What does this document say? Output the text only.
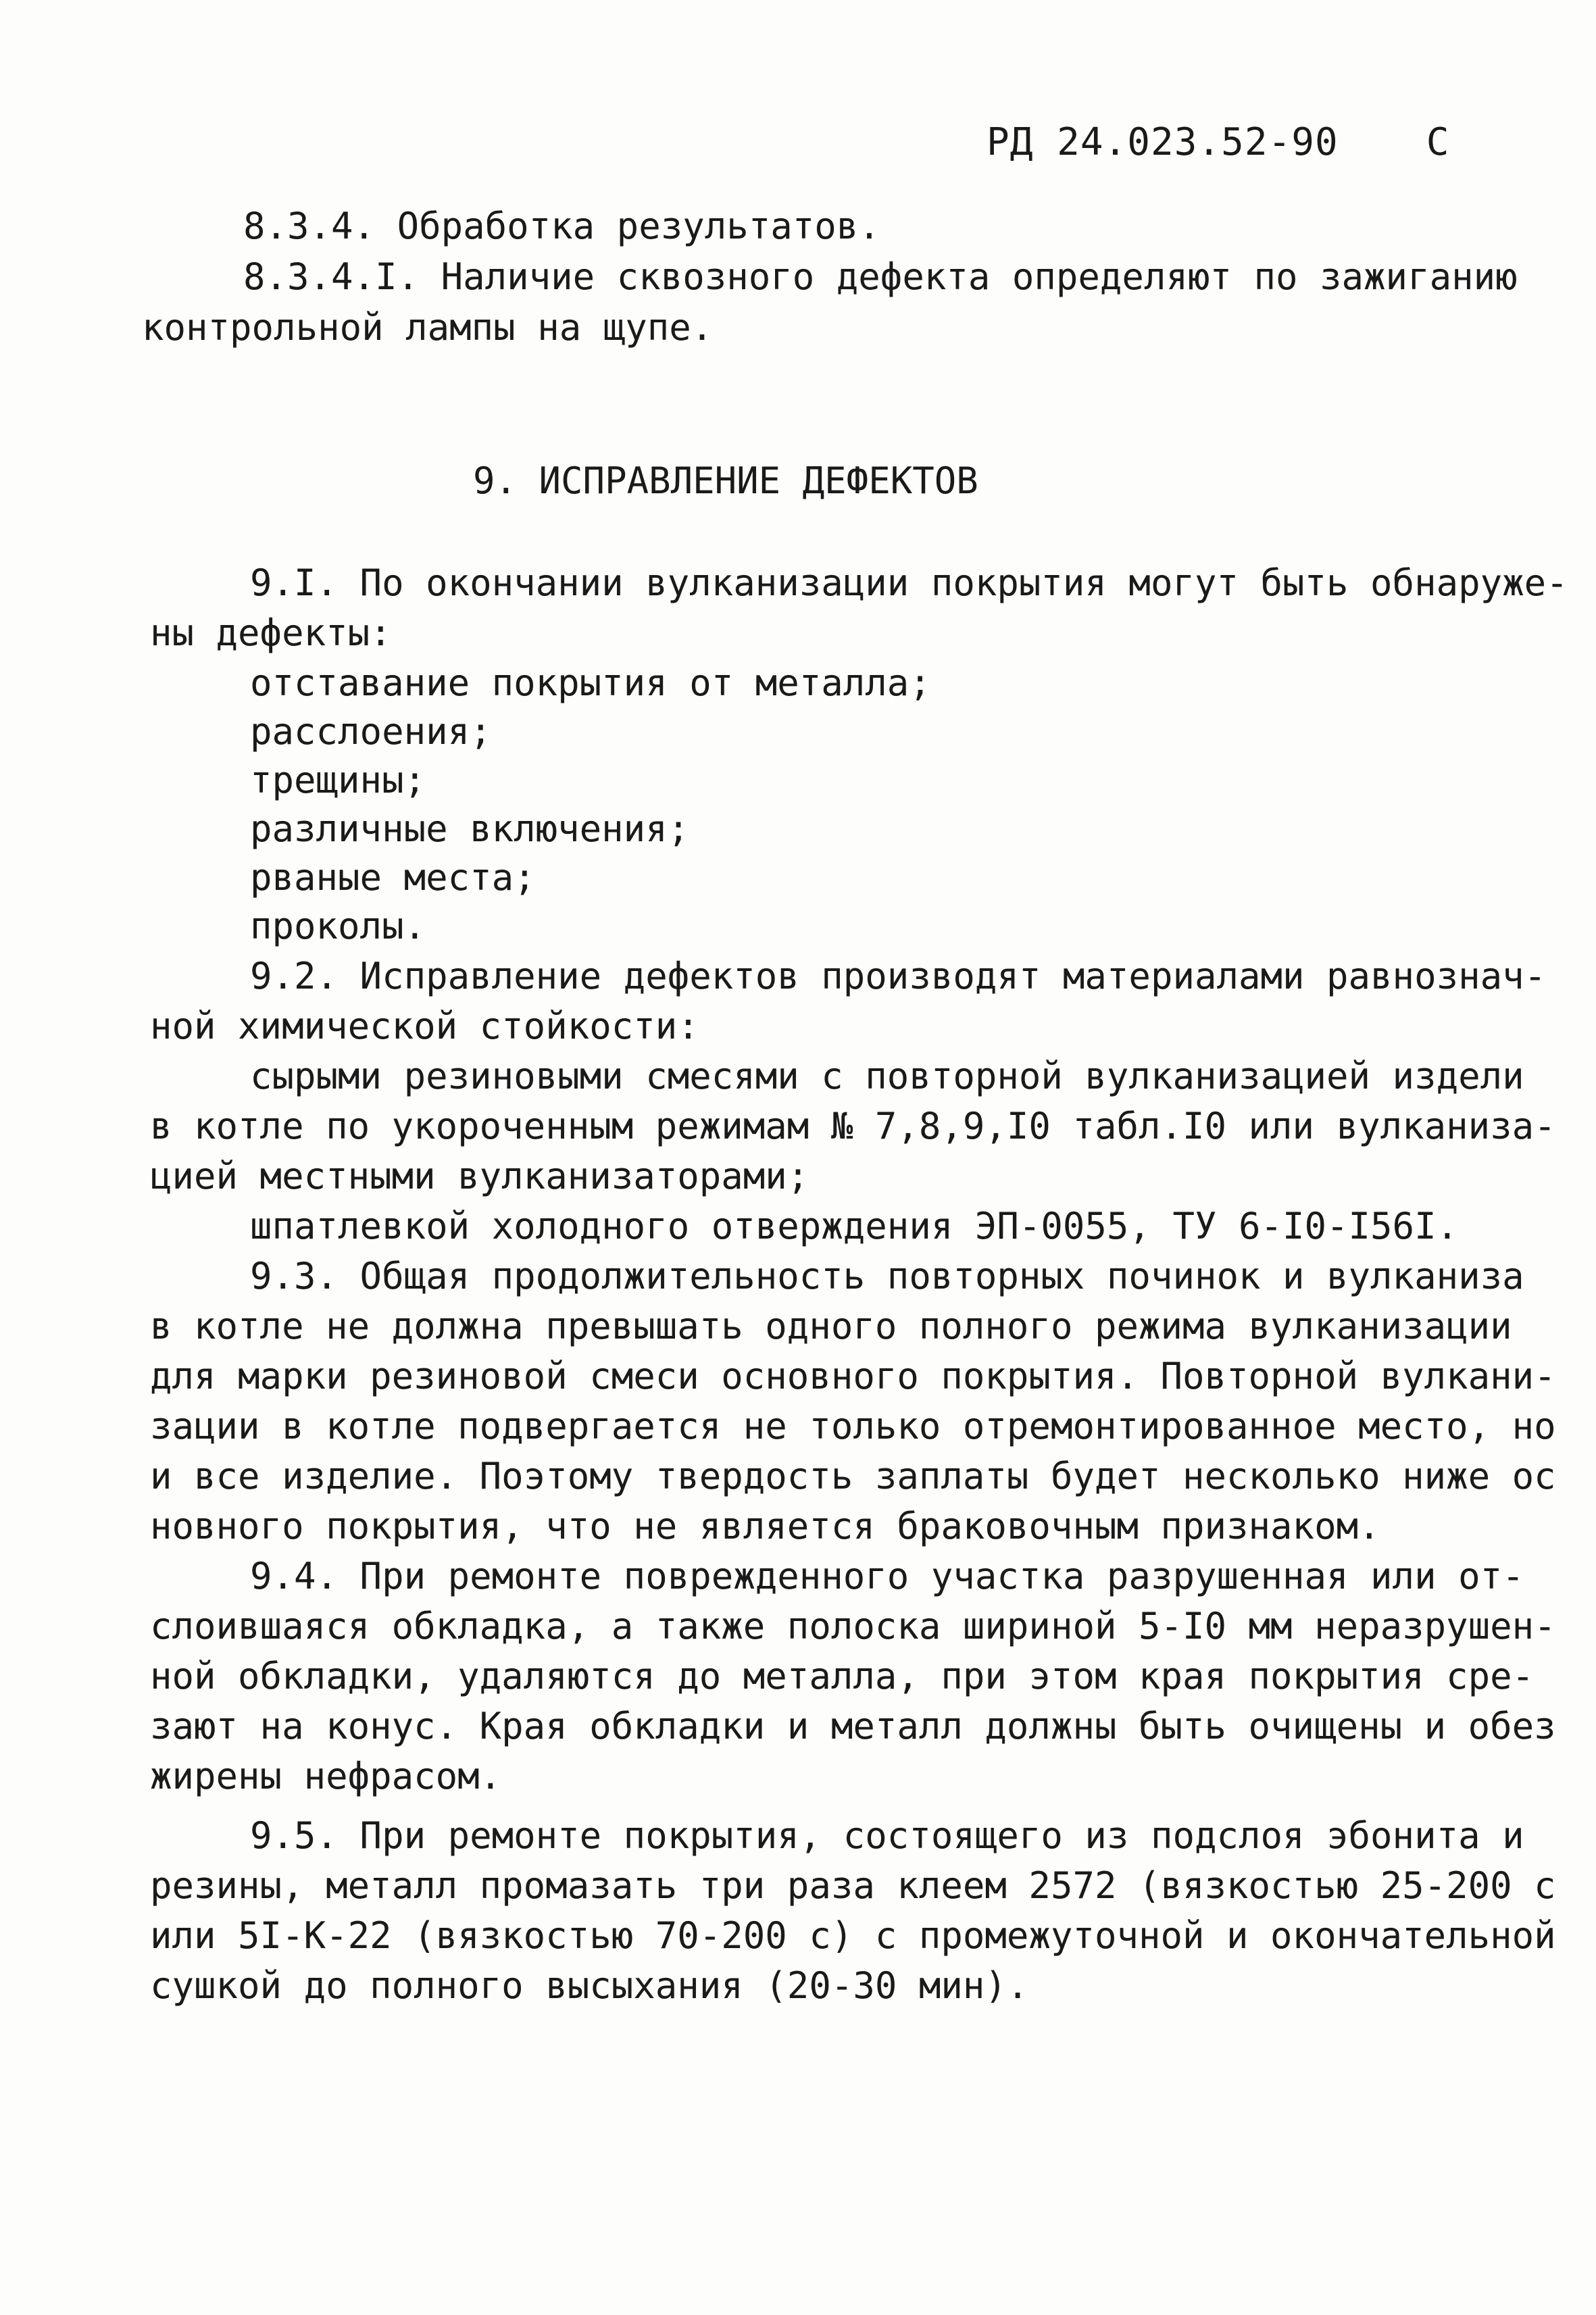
РД 24.023.52-90 С
8.3.4. Обработка результатов.
8.3.4.I. Наличие сквозного дефекта определяют по зажиганию
контрольной лампы на щупе.
9. ИСПРАВЛЕНИЕ ДЕФЕКТОВ
9.I. По окончании вулканизации покрытия могут быть обнаруже-
ны дефекты:
отставание покрытия от металла;
расслоения;
трещины;
различные включения;
рваные места;
проколы.
9.2. Исправление дефектов производят материалами равнознач-
ной химической стойкости:
сырыми резиновыми смесями с повторной вулканизацией издели
в котле по укороченным режимам № 7,8,9,I0 табл.I0 или вулканиза-
цией местными вулканизаторами;
шпатлевкой холодного отверждения ЭП-0055, ТУ 6-I0-I56I.
9.3. Общая продолжительность повторных починок и вулканиза
в котле не должна превышать одного полного режима вулканизации
для марки резиновой смеси основного покрытия. Повторной вулкани-
зации в котле подвергается не только отремонтированное место, но
и все изделие. Поэтому твердость заплаты будет несколько ниже ос
новного покрытия, что не является браковочным признаком.
9.4. При ремонте поврежденного участка разрушенная или от-
слоившаяся обкладка, а также полоска шириной 5-I0 мм неразрушен-
ной обкладки, удаляются до металла, при этом края покрытия сре-
зают на конус. Края обкладки и металл должны быть очищены и обез
жирены нефрасом.
9.5. При ремонте покрытия, состоящего из подслоя эбонита и
резины, металл промазать три раза клеем 2572 (вязкостью 25-200 с
или 5I-К-22 (вязкостью 70-200 с) с промежуточной и окончательной
сушкой до полного высыхания (20-30 мин).
